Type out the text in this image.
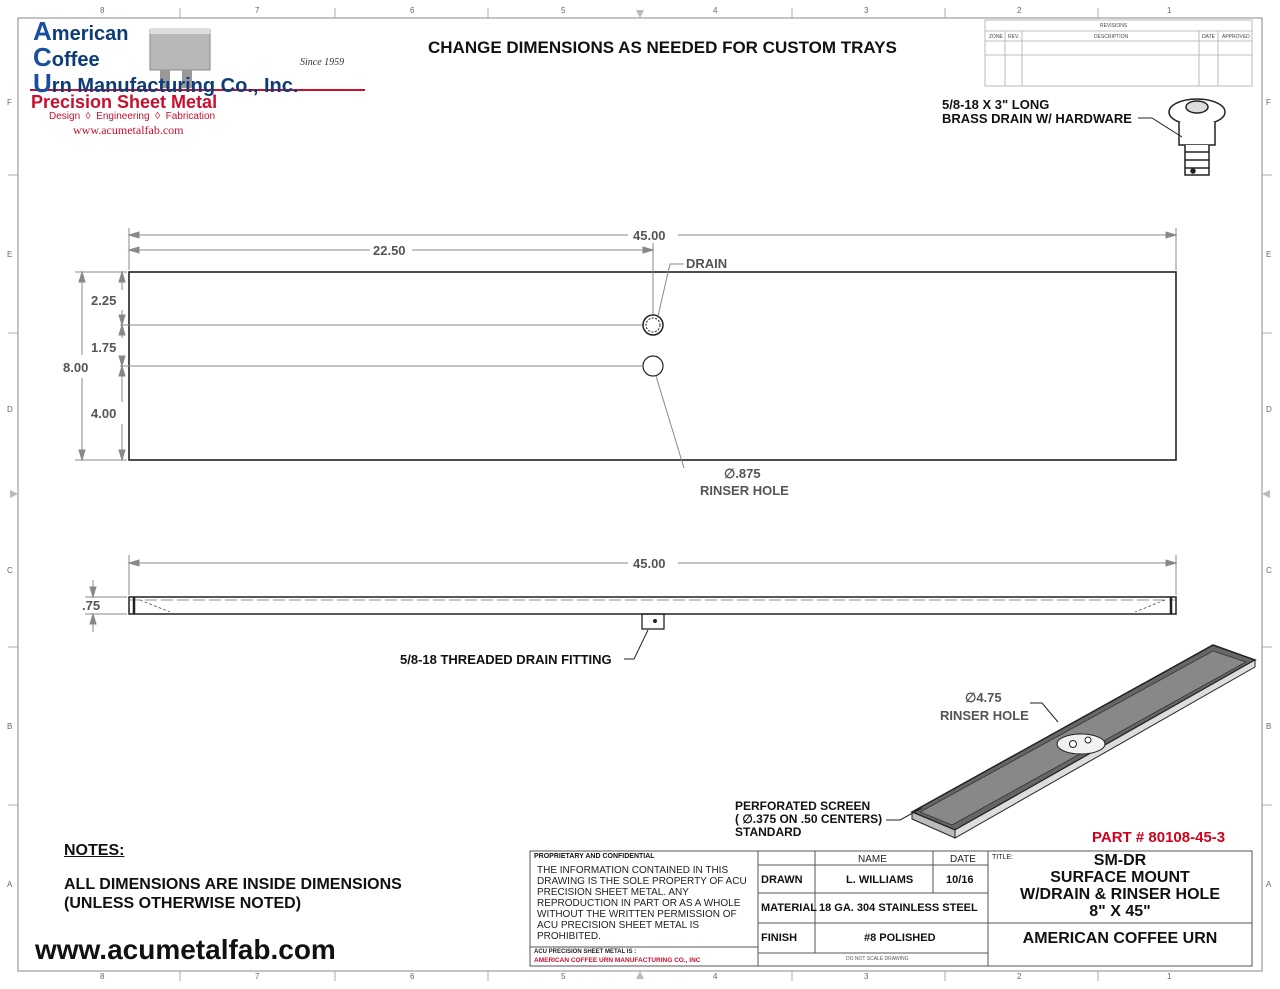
8	7	6	5	4	3	2	1
8	7	6	5	4	3	2	1
F
E
D
C
B
A
F
E
D
C
B
A
American
Coffee
Urn Manufacturing Co., Inc.
Since 1959
Precision Sheet Metal
Design  ◊  Engineering  ◊  Fabrication
www.acumetalfab.com
CHANGE DIMENSIONS AS NEEDED FOR CUSTOM TRAYS
REVISIONS
ZONE REV.	DESCRIPTION	DATE APPROVED
5/8-18 X 3" LONG
BRASS DRAIN W/ HARDWARE
45.00
22.50
DRAIN
2.25
1.75
8.00
4.00
∅.875
RINSER HOLE
45.00
.75
5/8-18 THREADED DRAIN FITTING
∅4.75
RINSER HOLE
PERFORATED SCREEN
( ∅.375 ON .50 CENTERS)
STANDARD
NOTES:
ALL DIMENSIONS ARE INSIDE DIMENSIONS
(UNLESS OTHERWISE NOTED)
www.acumetalfab.com
PART # 80108-45-3
PROPRIETARY AND CONFIDENTIAL
THE INFORMATION CONTAINED IN THIS DRAWING IS THE SOLE PROPERTY OF ACU PRECISION SHEET METAL. ANY REPRODUCTION IN PART OR AS A WHOLE WITHOUT THE WRITTEN PERMISSION OF ACU PRECISION SHEET METAL IS PROHIBITED.
ACU PRECISION SHEET METAL IS :
AMERICAN COFFEE URN MANUFACTURING CO., INC
NAME	DATE TITLE:
DRAWN	L. WILLIAMS	10/16
MATERIAL 18 GA. 304 STAINLESS STEEL
FINISH	#8 POLISHED
DO NOT SCALE DRAWING
SM-DR
SURFACE MOUNT
W/DRAIN & RINSER HOLE
8" X 45"
AMERICAN COFFEE URN
